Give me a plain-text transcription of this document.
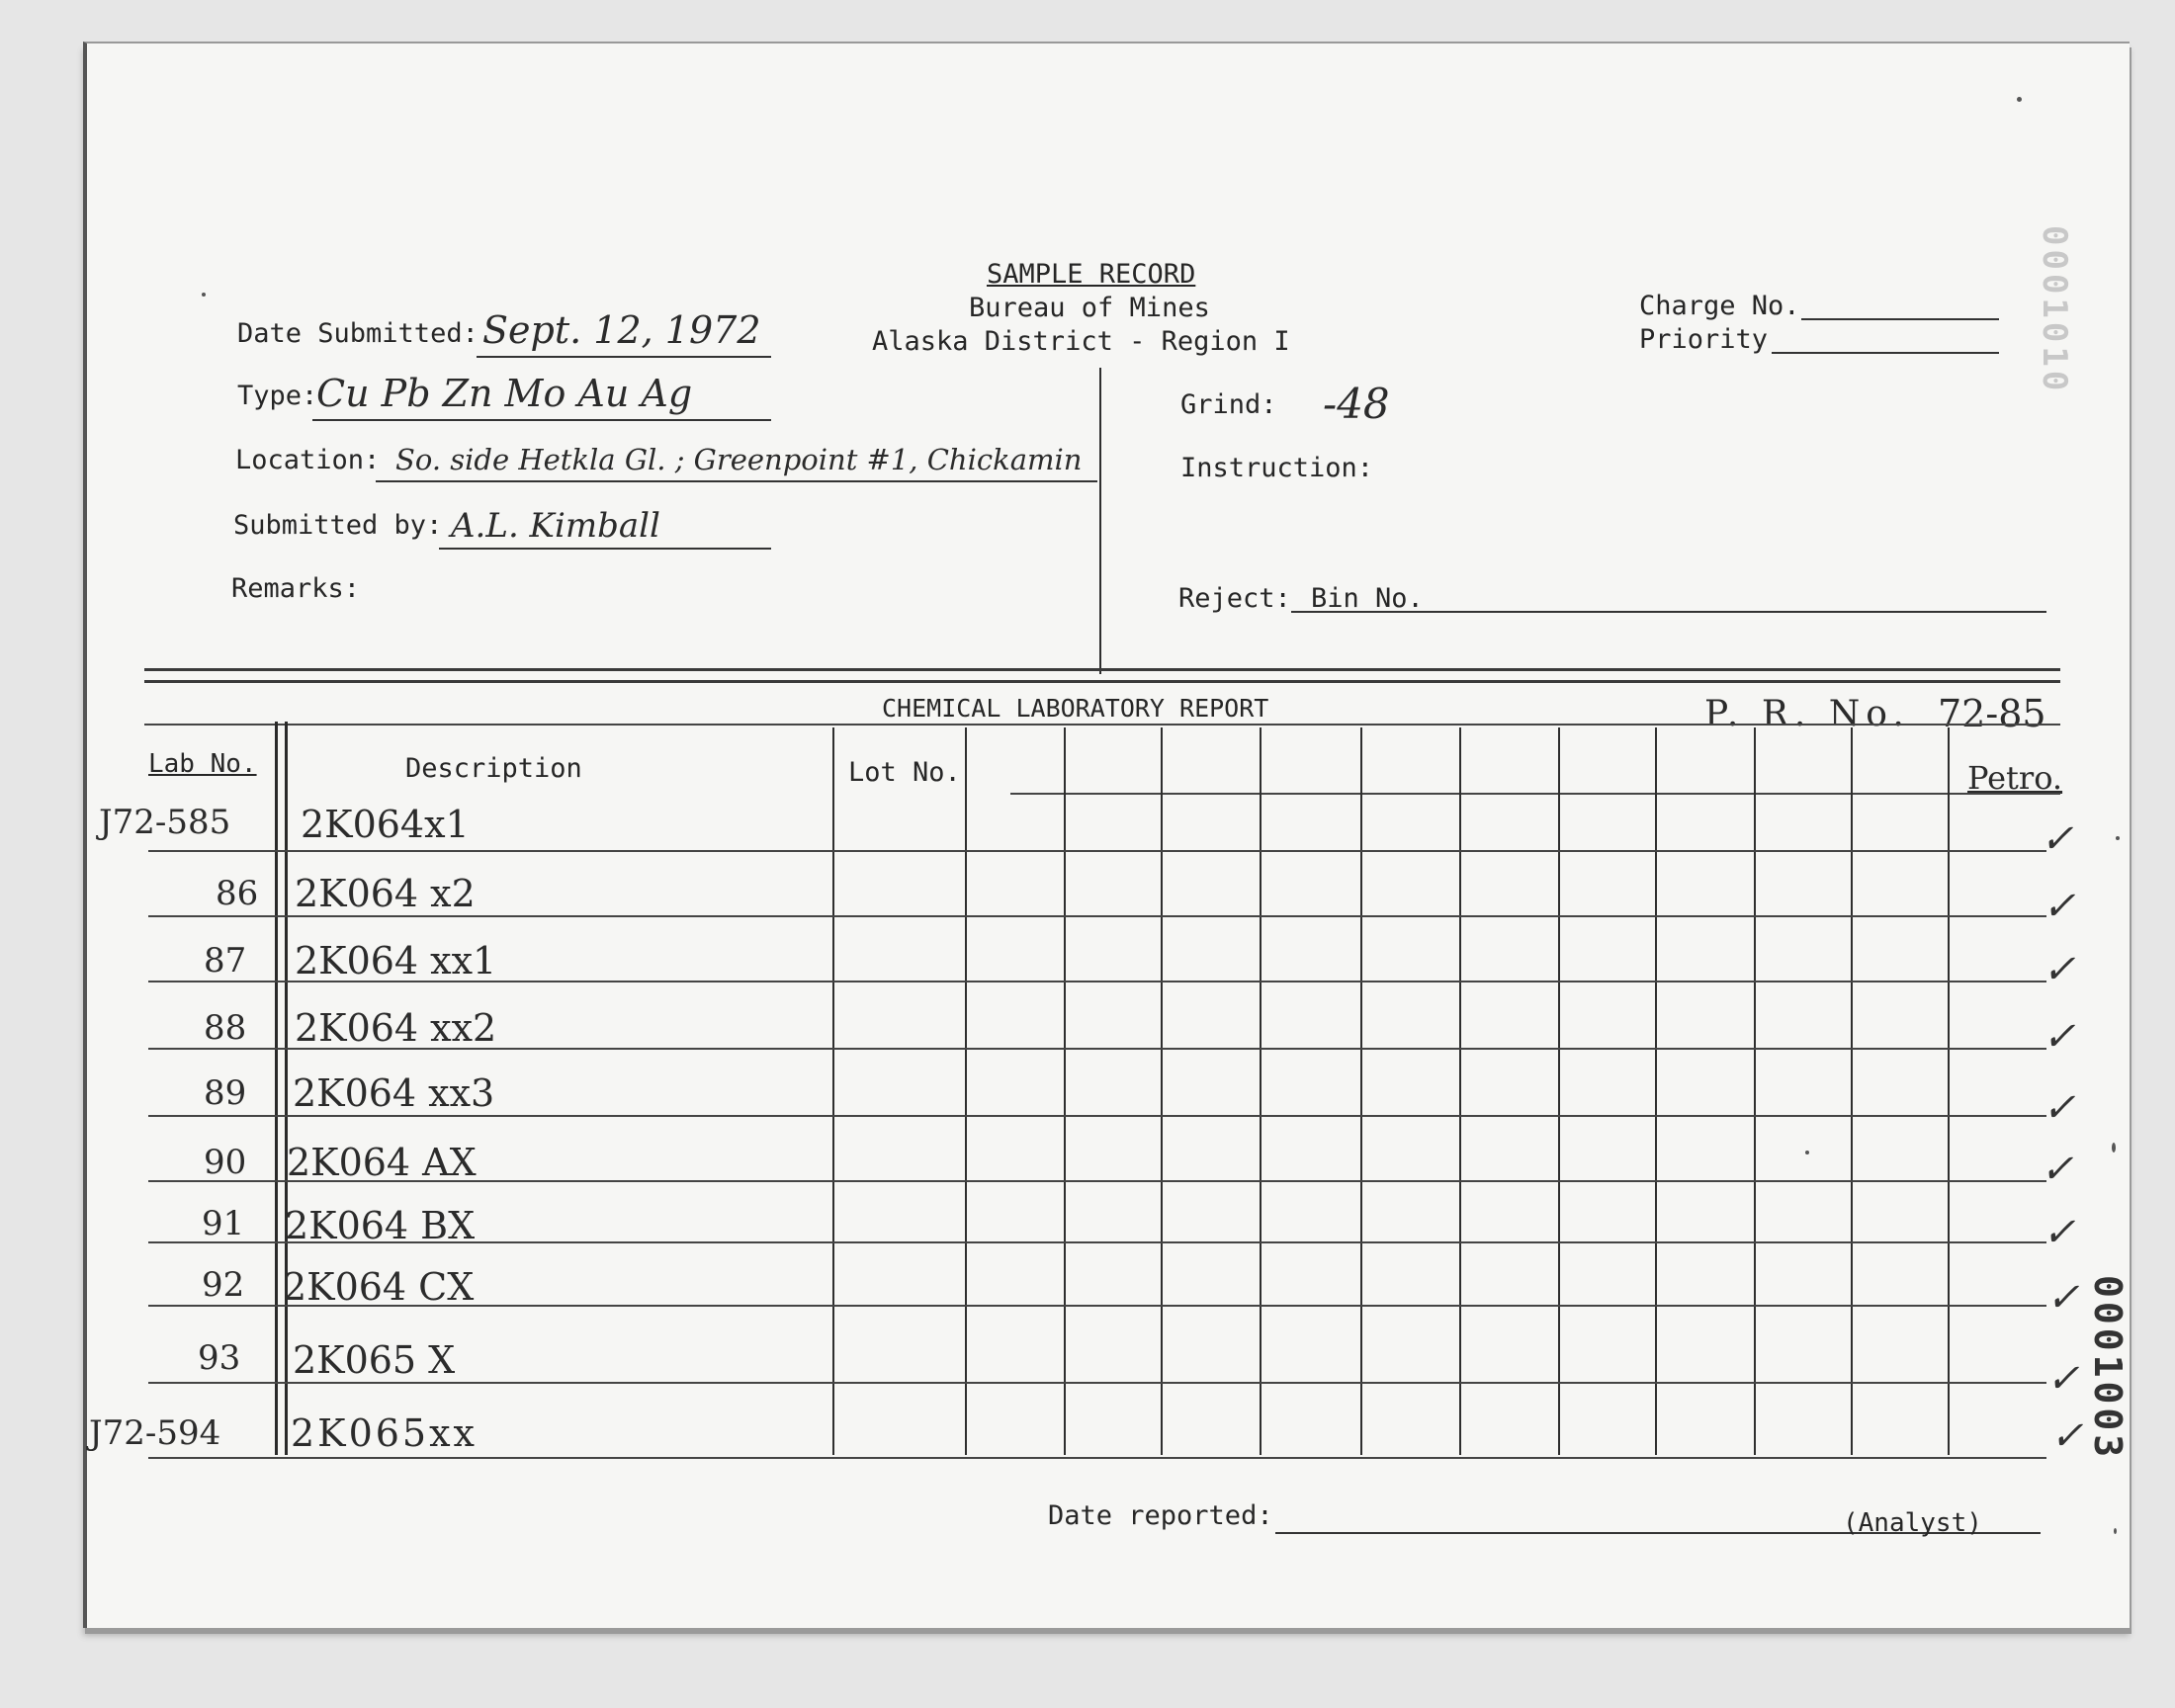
SAMPLE RECORD
Bureau of Mines
Alaska District - Region I
Charge No.
Priority
Date Submitted: Sept. 12, 1972
Type:
Cu Pb Zn Mo Au Ag
Location: So. side Hetkla Gl. ; Greenpoint #1, Chickamin
Submitted by: A.L. Kimball
Remarks:
Grind: -48
Instruction:
Reject: Bin No.
CHEMICAL LABORATORY REPORT	P. R. No. 72-85
Lab No.	Description	Lot No.	Petro.
J72-585 2K064x1	✓
86 2K064 x2	✓
87 2K064 xx1	✓
88 2K064 xx2	✓
89 2K064 xx3	✓
90 2K064 AX	✓
91 2K064 BX	✓
92 2K064 CX	✓
93 2K065 X	✓
J72-594 2K065xx	✓
Date reported:	(Analyst)
0001003
0001010
